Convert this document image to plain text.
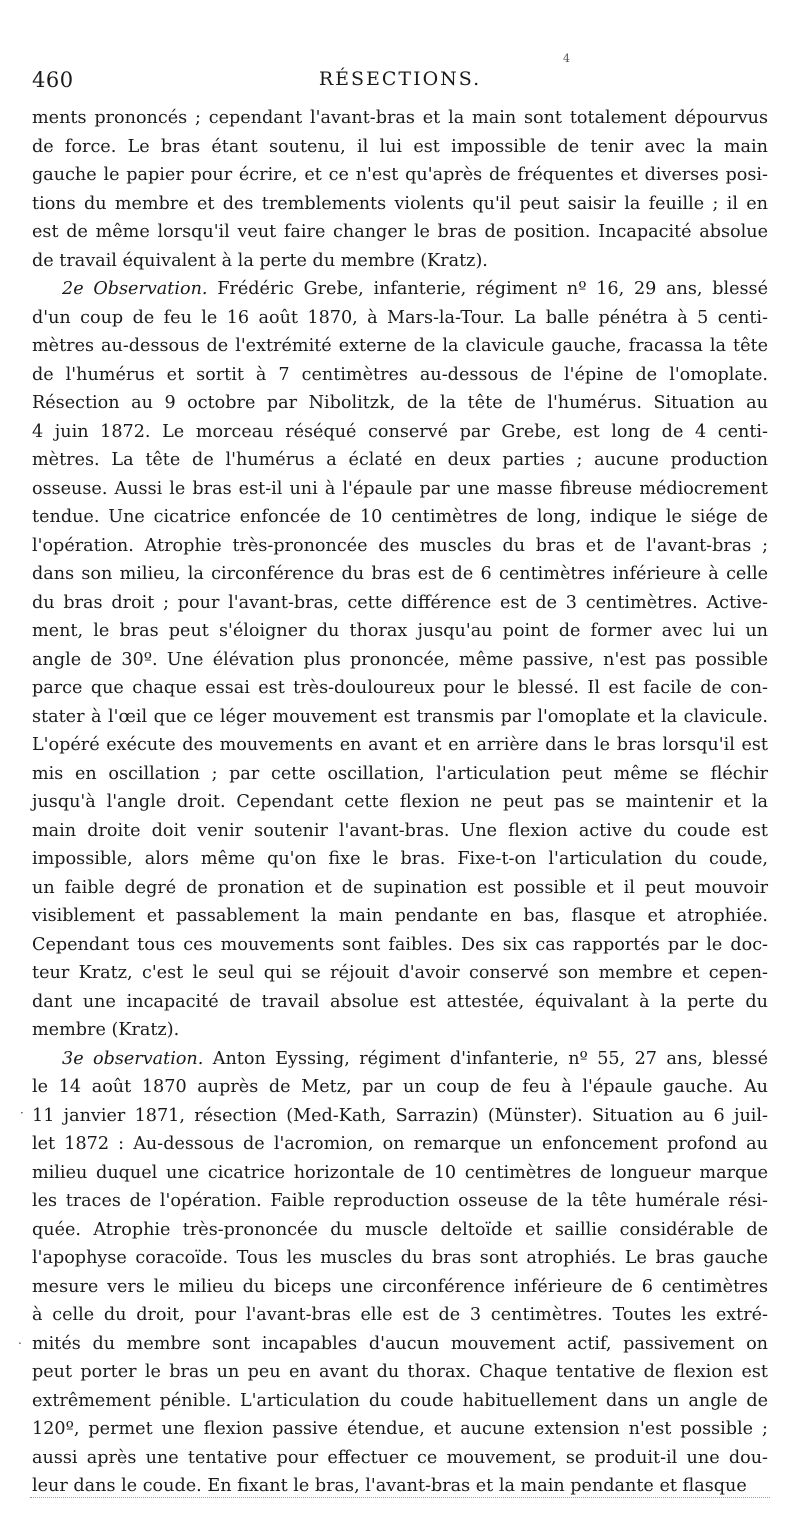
4
460	RÉSECTIONS.
ments prononcés ; cependant l'avant-bras et la main sont totalement dépourvus
de force. Le bras étant soutenu, il lui est impossible de tenir avec la main
gauche le papier pour écrire, et ce n'est qu'après de fréquentes et diverses posi-
tions du membre et des tremblements violents qu'il peut saisir la feuille ; il en
est de même lorsqu'il veut faire changer le bras de position. Incapacité absolue
de travail équivalent à la perte du membre (Kratz).
2e Observation. Frédéric Grebe, infanterie, régiment nº 16, 29 ans, blessé
d'un coup de feu le 16 août 1870, à Mars-la-Tour. La balle pénétra à 5 centi-
mètres au-dessous de l'extrémité externe de la clavicule gauche, fracassa la tête
de l'humérus et sortit à 7 centimètres au-dessous de l'épine de l'omoplate.
Résection au 9 octobre par Nibolitzk, de la tête de l'humérus. Situation au
4 juin 1872. Le morceau réséqué conservé par Grebe, est long de 4 centi-
mètres. La tête de l'humérus a éclaté en deux parties ; aucune production
osseuse. Aussi le bras est-il uni à l'épaule par une masse fibreuse médiocrement
tendue. Une cicatrice enfoncée de 10 centimètres de long, indique le siége de
l'opération. Atrophie très-prononcée des muscles du bras et de l'avant-bras ;
dans son milieu, la circonférence du bras est de 6 centimètres inférieure à celle
du bras droit ; pour l'avant-bras, cette différence est de 3 centimètres. Active-
ment, le bras peut s'éloigner du thorax jusqu'au point de former avec lui un
angle de 30º. Une élévation plus prononcée, même passive, n'est pas possible
parce que chaque essai est très-douloureux pour le blessé. Il est facile de con-
stater à l'œil que ce léger mouvement est transmis par l'omoplate et la clavicule.
L'opéré exécute des mouvements en avant et en arrière dans le bras lorsqu'il est
mis en oscillation ; par cette oscillation, l'articulation peut même se fléchir
jusqu'à l'angle droit. Cependant cette flexion ne peut pas se maintenir et la
main droite doit venir soutenir l'avant-bras. Une flexion active du coude est
impossible, alors même qu'on fixe le bras. Fixe-t-on l'articulation du coude,
un faible degré de pronation et de supination est possible et il peut mouvoir
visiblement et passablement la main pendante en bas, flasque et atrophiée.
Cependant tous ces mouvements sont faibles. Des six cas rapportés par le doc-
teur Kratz, c'est le seul qui se réjouit d'avoir conservé son membre et cepen-
dant une incapacité de travail absolue est attestée, équivalant à la perte du
membre (Kratz).
3e observation. Anton Eyssing, régiment d'infanterie, nº 55, 27 ans, blessé
le 14 août 1870 auprès de Metz, par un coup de feu à l'épaule gauche. Au
11 janvier 1871, résection (Med-Kath, Sarrazin) (Münster). Situation au 6 juil-
let 1872 : Au-dessous de l'acromion, on remarque un enfoncement profond au
milieu duquel une cicatrice horizontale de 10 centimètres de longueur marque
les traces de l'opération. Faible reproduction osseuse de la tête humérale rési-
quée. Atrophie très-prononcée du muscle deltoïde et saillie considérable de
l'apophyse coracoïde. Tous les muscles du bras sont atrophiés. Le bras gauche
mesure vers le milieu du biceps une circonférence inférieure de 6 centimètres
à celle du droit, pour l'avant-bras elle est de 3 centimètres. Toutes les extré-
mités du membre sont incapables d'aucun mouvement actif, passivement on
peut porter le bras un peu en avant du thorax. Chaque tentative de flexion est
extrêmement pénible. L'articulation du coude habituellement dans un angle de
120º, permet une flexion passive étendue, et aucune extension n'est possible ;
aussi après une tentative pour effectuer ce mouvement, se produit-il une dou-
leur dans le coude. En fixant le bras, l'avant-bras et la main pendante et flasque
·
.
